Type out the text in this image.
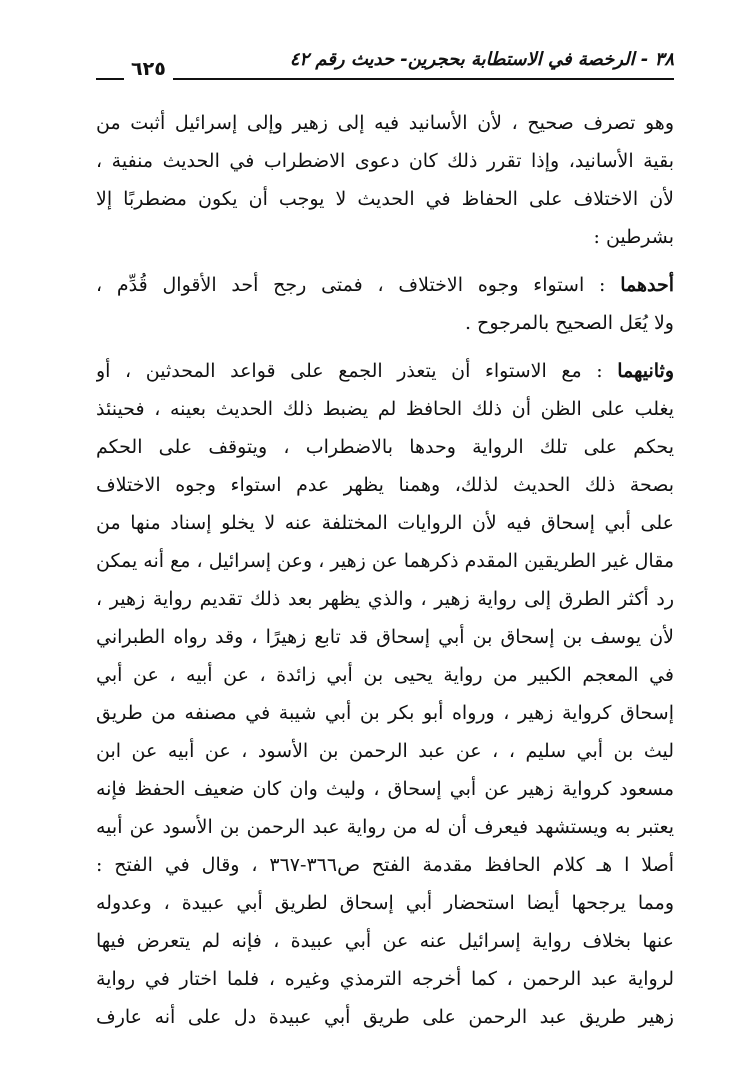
٣٨ - الرخصة في الاستطابة بحجرين- حديث رقم ٤٢
٦٢٥
وهو تصرف صحيح ، لأن الأسانيد فيه إلى زهير وإلى إسرائيل أثبت من
بقية الأسانيد، وإذا تقرر ذلك كان دعوى الاضطراب في الحديث منفية ،
لأن الاختلاف على الحفاظ في الحديث لا يوجب أن يكون مضطربًا إلا
بشرطين :
أحدهما : استواء وجوه الاختلاف ، فمتى رجح أحد الأقوال قُدِّم ،
ولا يُعَل الصحيح بالمرجوح .
وثانيهما : مع الاستواء أن يتعذر الجمع على قواعد المحدثين ، أو
يغلب على الظن أن ذلك الحافظ لم يضبط ذلك الحديث بعينه ، فحينئذ
يحكم على تلك الرواية وحدها بالاضطراب ، ويتوقف على الحكم
بصحة ذلك الحديث لذلك، وهمنا يظهر عدم استواء وجوه الاختلاف
على أبي إسحاق فيه لأن الروايات المختلفة عنه لا يخلو إسناد منها من
مقال غير الطريقين المقدم ذكرهما عن زهير ، وعن إسرائيل ، مع أنه يمكن
رد أكثر الطرق إلى رواية زهير ، والذي يظهر بعد ذلك تقديم رواية زهير ،
لأن يوسف بن إسحاق بن أبي إسحاق قد تابع زهيرًا ، وقد رواه الطبراني
في المعجم الكبير من رواية يحيى بن أبي زائدة ، عن أبيه ، عن أبي
إسحاق كرواية زهير ، ورواه أبو بكر بن أبي شيبة في مصنفه من طريق
ليث بن أبي سليم ، ، عن عبد الرحمن بن الأسود ، عن أبيه عن ابن
مسعود كرواية زهير عن أبي إسحاق ، وليث وان كان ضعيف الحفظ فإنه
يعتبر به ويستشهد فيعرف أن له من رواية عبد الرحمن بن الأسود عن أبيه
أصلا ا هـ كلام الحافظ مقدمة الفتح ص٣٦٦-٣٦٧ ، وقال في الفتح :
ومما يرجحها أيضا استحضار أبي إسحاق لطريق أبي عبيدة ، وعدوله
عنها بخلاف رواية إسرائيل عنه عن أبي عبيدة ، فإنه لم يتعرض فيها
لرواية عبد الرحمن ، كما أخرجه الترمذي وغيره ، فلما اختار في رواية
زهير طريق عبد الرحمن على طريق أبي عبيدة دل على أنه عارف
